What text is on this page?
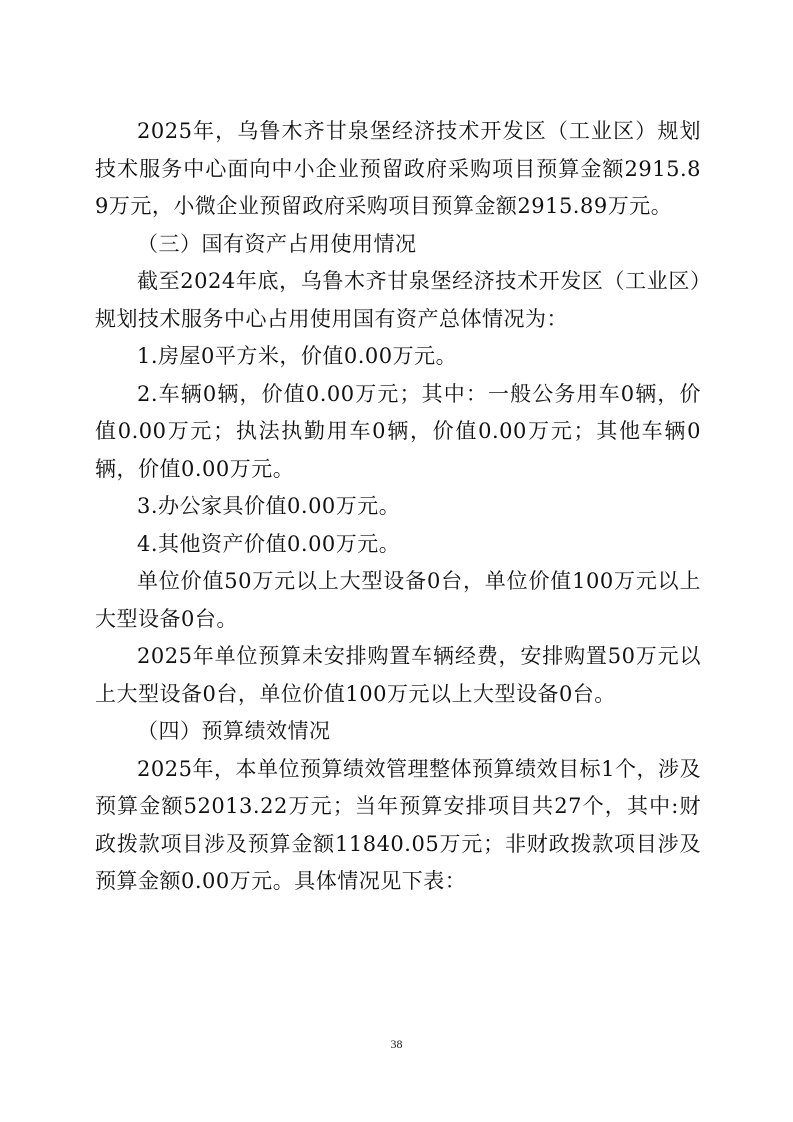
2025年，乌鲁木齐甘泉堡经济技术开发区（工业区）规划技术服务中心面向中小企业预留政府采购项目预算金额2915.89万元，小微企业预留政府采购项目预算金额2915.89万元。

（三）国有资产占用使用情况

截至2024年底，乌鲁木齐甘泉堡经济技术开发区（工业区）规划技术服务中心占用使用国有资产总体情况为：

1.房屋0平方米，价值0.00万元。

2.车辆0辆，价值0.00万元；其中：一般公务用车0辆，价值0.00万元；执法执勤用车0辆，价值0.00万元；其他车辆0辆，价值0.00万元。

3.办公家具价值0.00万元。

4.其他资产价值0.00万元。

单位价值50万元以上大型设备0台，单位价值100万元以上大型设备0台。

2025年单位预算未安排购置车辆经费，安排购置50万元以上大型设备0台，单位价值100万元以上大型设备0台。

（四）预算绩效情况

2025年，本单位预算绩效管理整体预算绩效目标1个，涉及预算金额52013.22万元；当年预算安排项目共27个，其中:财政拨款项目涉及预算金额11840.05万元；非财政拨款项目涉及预算金额0.00万元。具体情况见下表：

38
